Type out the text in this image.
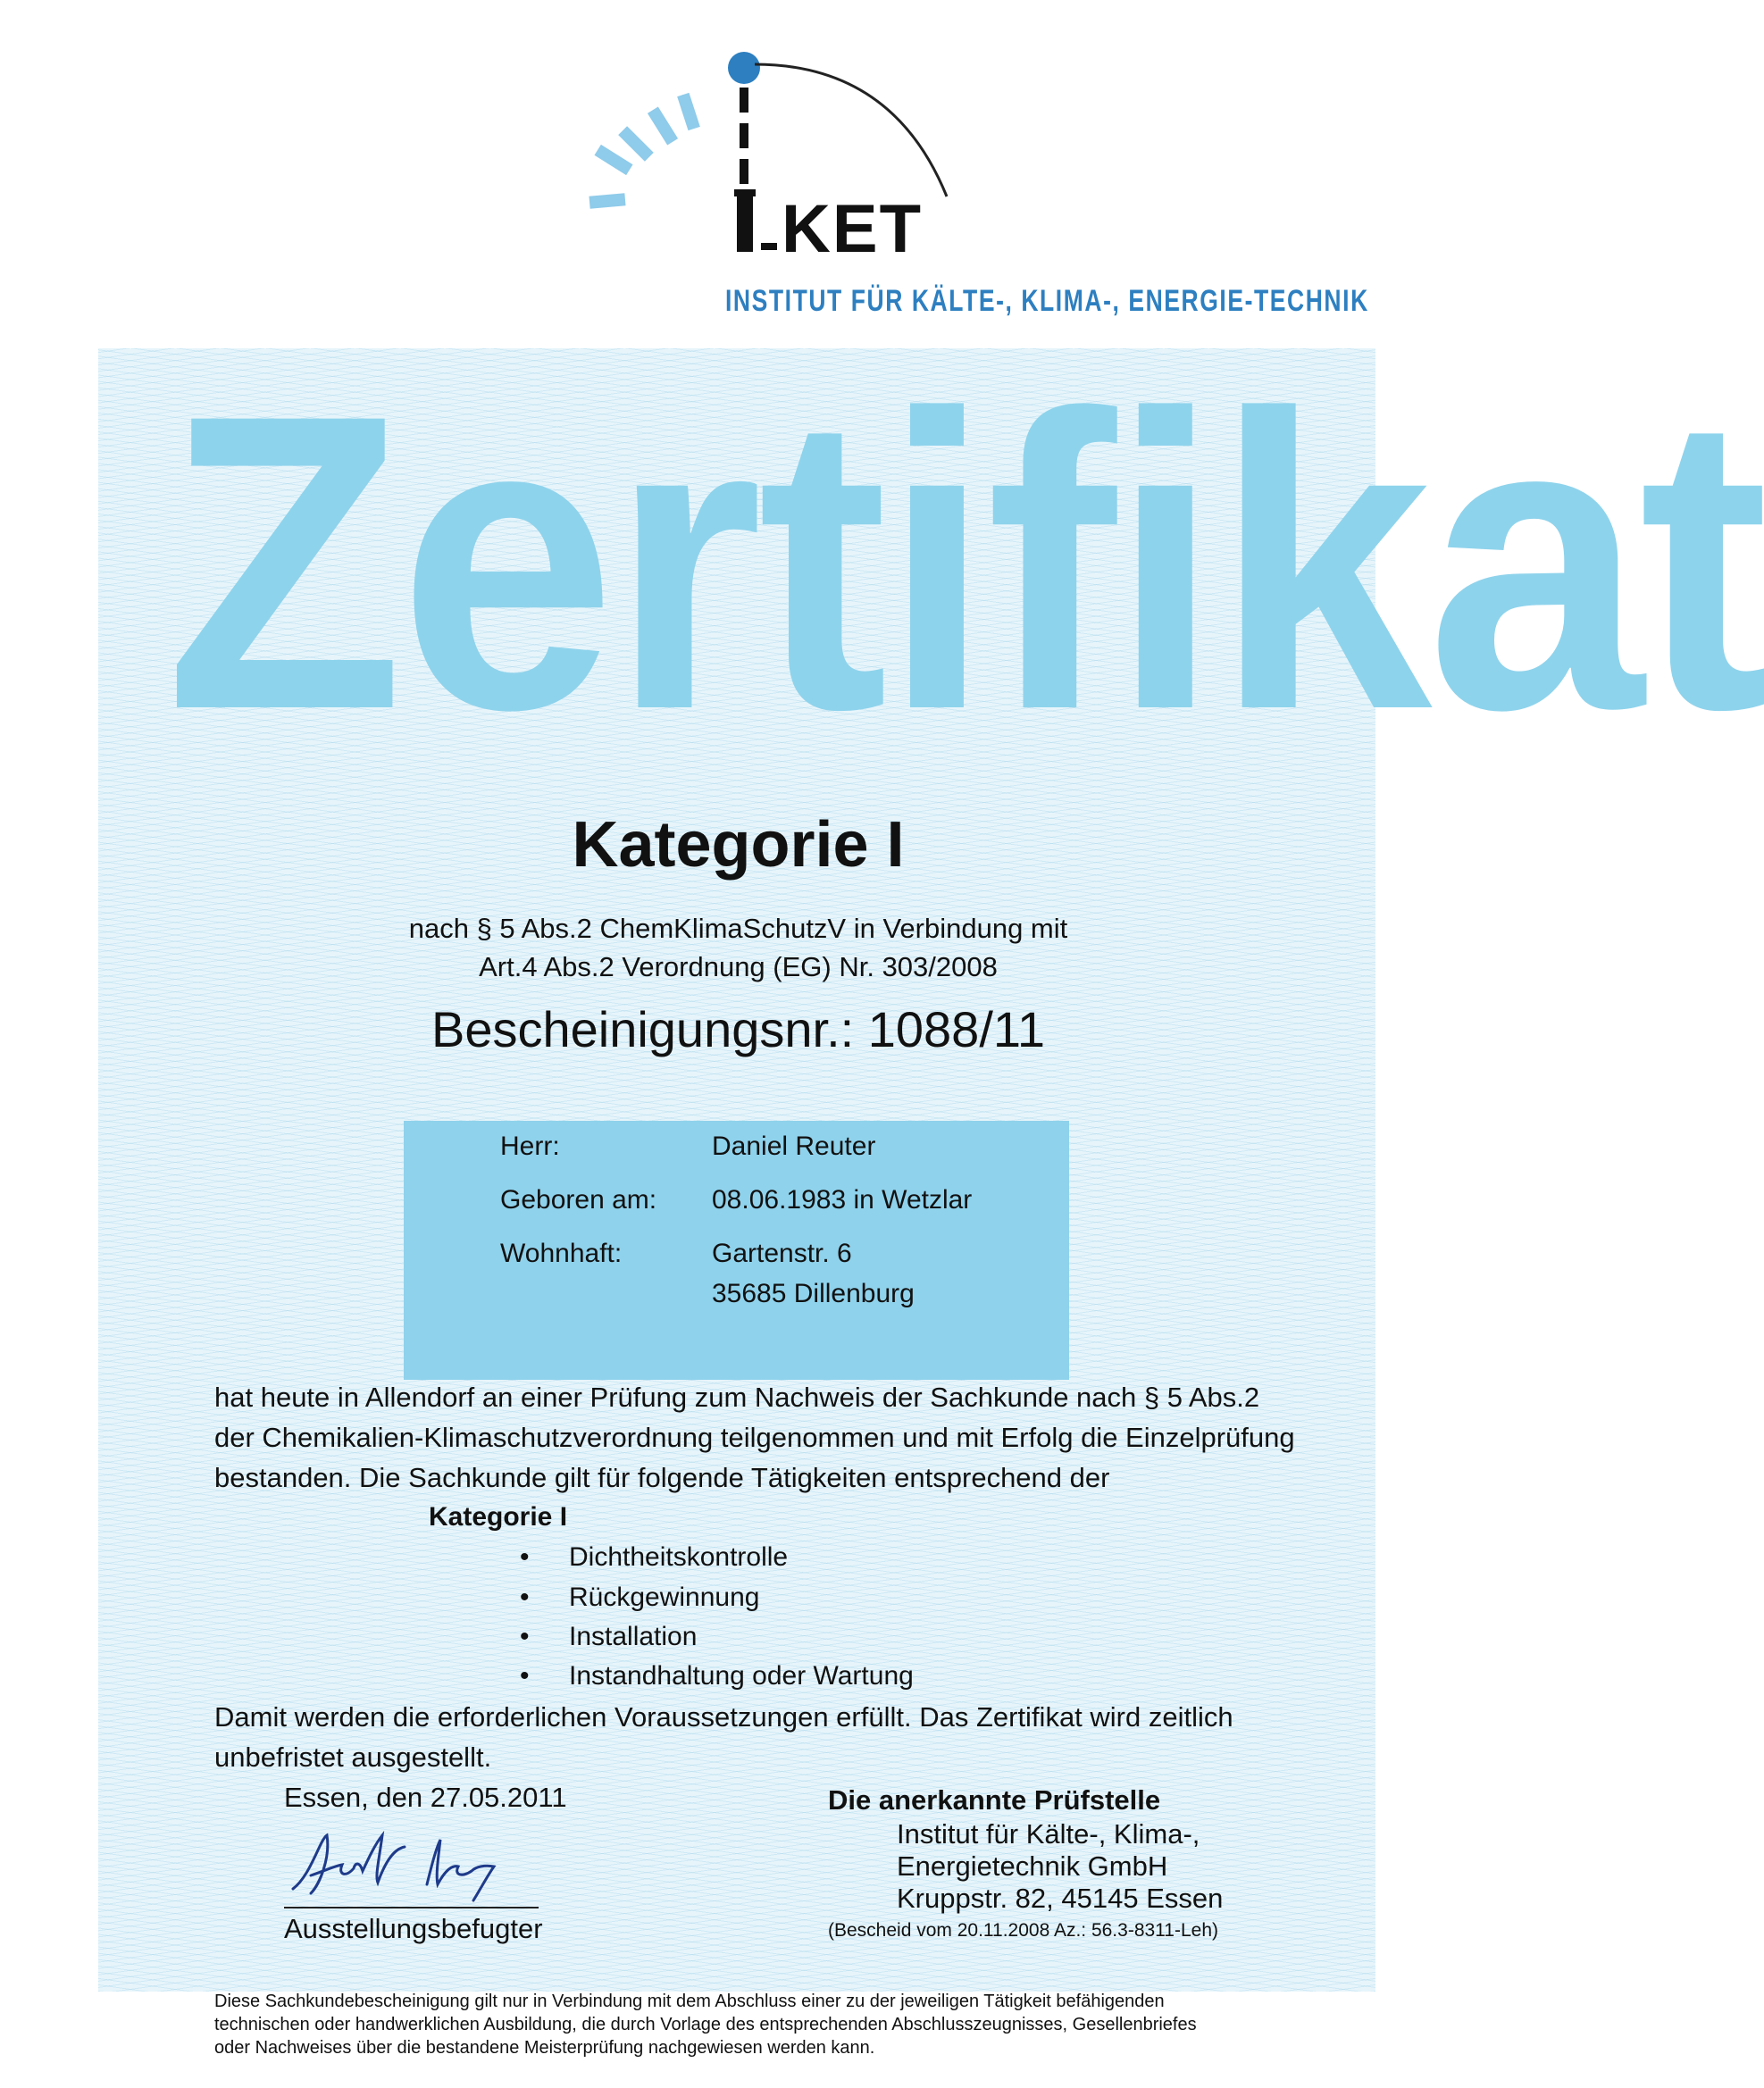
KET
INSTITUT FÜR KÄLTE-, KLIMA-, ENERGIE-TECHNIK
Zertifikat
Kategorie I
nach § 5 Abs.2 ChemKlimaSchutzV in Verbindung mit
Art.4 Abs.2 Verordnung (EG) Nr. 303/2008
Bescheinigungsnr.: 1088/11
Herr:	Daniel Reuter
Geboren am: 08.06.1983 in Wetzlar
Wohnhaft:	Gartenstr. 6
35685 Dillenburg
hat heute in Allendorf an einer Prüfung zum Nachweis der Sachkunde nach § 5 Abs.2
der Chemikalien-Klimaschutzverordnung teilgenommen und mit Erfolg die Einzelprüfung
bestanden. Die Sachkunde gilt für folgende Tätigkeiten entsprechend der
Kategorie I
• Dichtheitskontrolle
• Rückgewinnung
• Installation
• Instandhaltung oder Wartung
Damit werden die erforderlichen Voraussetzungen erfüllt. Das Zertifikat wird zeitlich
unbefristet ausgestellt.
Essen, den 27.05.2011
Ausstellungsbefugter
Die anerkannte Prüfstelle
Institut für Kälte-, Klima-,
Energietechnik GmbH
Kruppstr. 82, 45145 Essen
(Bescheid vom 20.11.2008 Az.: 56.3-8311-Leh)
Diese Sachkundebescheinigung gilt nur in Verbindung mit dem Abschluss einer zu der jeweiligen Tätigkeit befähigenden
technischen oder handwerklichen Ausbildung, die durch Vorlage des entsprechenden Abschlusszeugnisses, Gesellenbriefes
oder Nachweises über die bestandene Meisterprüfung nachgewiesen werden kann.
